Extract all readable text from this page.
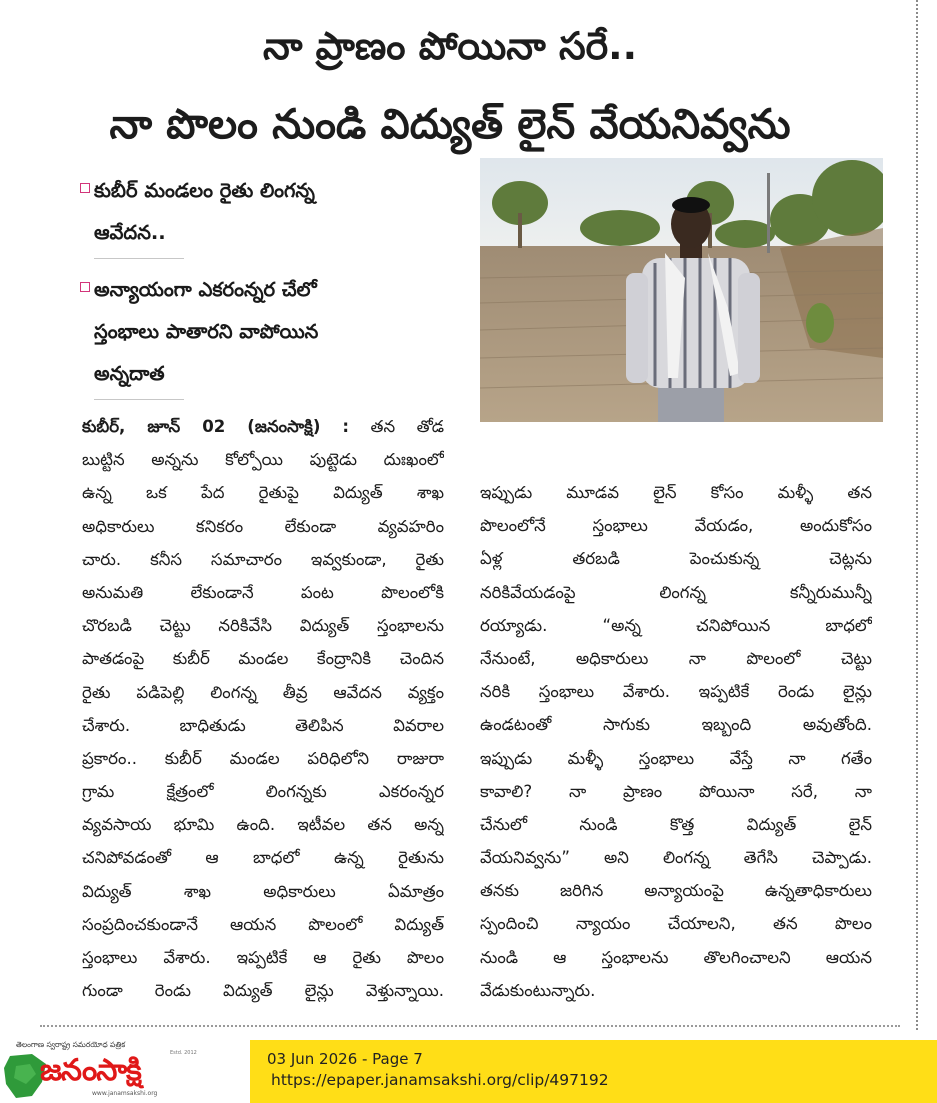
నా ప్రాణం పోయినా సరే..
నా పొలం నుండి విద్యుత్ లైన్ వేయనివ్వను
కుబీర్ మండలం రైతు లింగన్న
ఆవేదన..
అన్యాయంగా ఎకరంన్నర చేలో
స్తంభాలు పాతారని వాపోయిన
అన్నదాత
కుబీర్, జూన్ 02 (జనంసాక్షి) : తన తోడ
బుట్టిన అన్నను కోల్పోయి పుట్టెడు దుఃఖంలో
ఉన్న ఒక పేద రైతుపై విద్యుత్ శాఖ
అధికారులు కనికరం లేకుండా వ్యవహరిం
చారు. కనీస సమాచారం ఇవ్వకుండా, రైతు
అనుమతి లేకుండానే పంట పొలంలోకి
చొరబడి చెట్టు నరికివేసి విద్యుత్ స్తంభాలను
పాతడంపై కుబీర్ మండల కేంద్రానికి చెందిన
రైతు పడిపెల్లి లింగన్న తీవ్ర ఆవేదన వ్యక్తం
చేశారు. బాధితుడు తెలిపిన వివరాల
ప్రకారం.. కుబీర్ మండల పరిధిలోని రాజురా
గ్రామ క్షేత్రంలో లింగన్నకు ఎకరంన్నర
వ్యవసాయ భూమి ఉంది. ఇటీవల తన అన్న
చనిపోవడంతో ఆ బాధలో ఉన్న రైతును
విద్యుత్ శాఖ అధికారులు ఏమాత్రం
సంప్రదించకుండానే ఆయన పొలంలో విద్యుత్
స్తంభాలు వేశారు. ఇప్పటికే ఆ రైతు పొలం
గుండా రెండు విద్యుత్ లైన్లు వెళ్తున్నాయి.
ఇప్పుడు మూడవ లైన్ కోసం మళ్ళీ తన
పొలంలోనే స్తంభాలు వేయడం, అందుకోసం
ఏళ్ల తరబడి పెంచుకున్న చెట్లను
నరికివేయడంపై లింగన్న కన్నీరుమున్నీ
రయ్యాడు. “అన్న చనిపోయిన బాధలో
నేనుంటే, అధికారులు నా పొలంలో చెట్టు
నరికి స్తంభాలు వేశారు. ఇప్పటికే రెండు లైన్లు
ఉండటంతో సాగుకు ఇబ్బంది అవుతోంది.
ఇప్పుడు మళ్ళీ స్తంభాలు వేస్తే నా గతేం
కావాలి? నా ప్రాణం పోయినా సరే, నా
చేనులో నుండి కొత్త విద్యుత్ లైన్
వేయనివ్వను” అని లింగన్న తెగేసి చెప్పాడు.
తనకు జరిగిన అన్యాయంపై ఉన్నతాధికారులు
స్పందించి న్యాయం చేయాలని, తన పొలం
నుండి ఆ స్తంభాలను తొలగించాలని ఆయన
వేడుకుంటున్నారు.
తెలంగాణ స్వరాష్ట్ర సమరయోధ పత్రిక
Estd. 2012
జనంసాక్షి
www.janamsakshi.org
03 Jun 2026 - Page 7
https://epaper.janamsakshi.org/clip/497192
